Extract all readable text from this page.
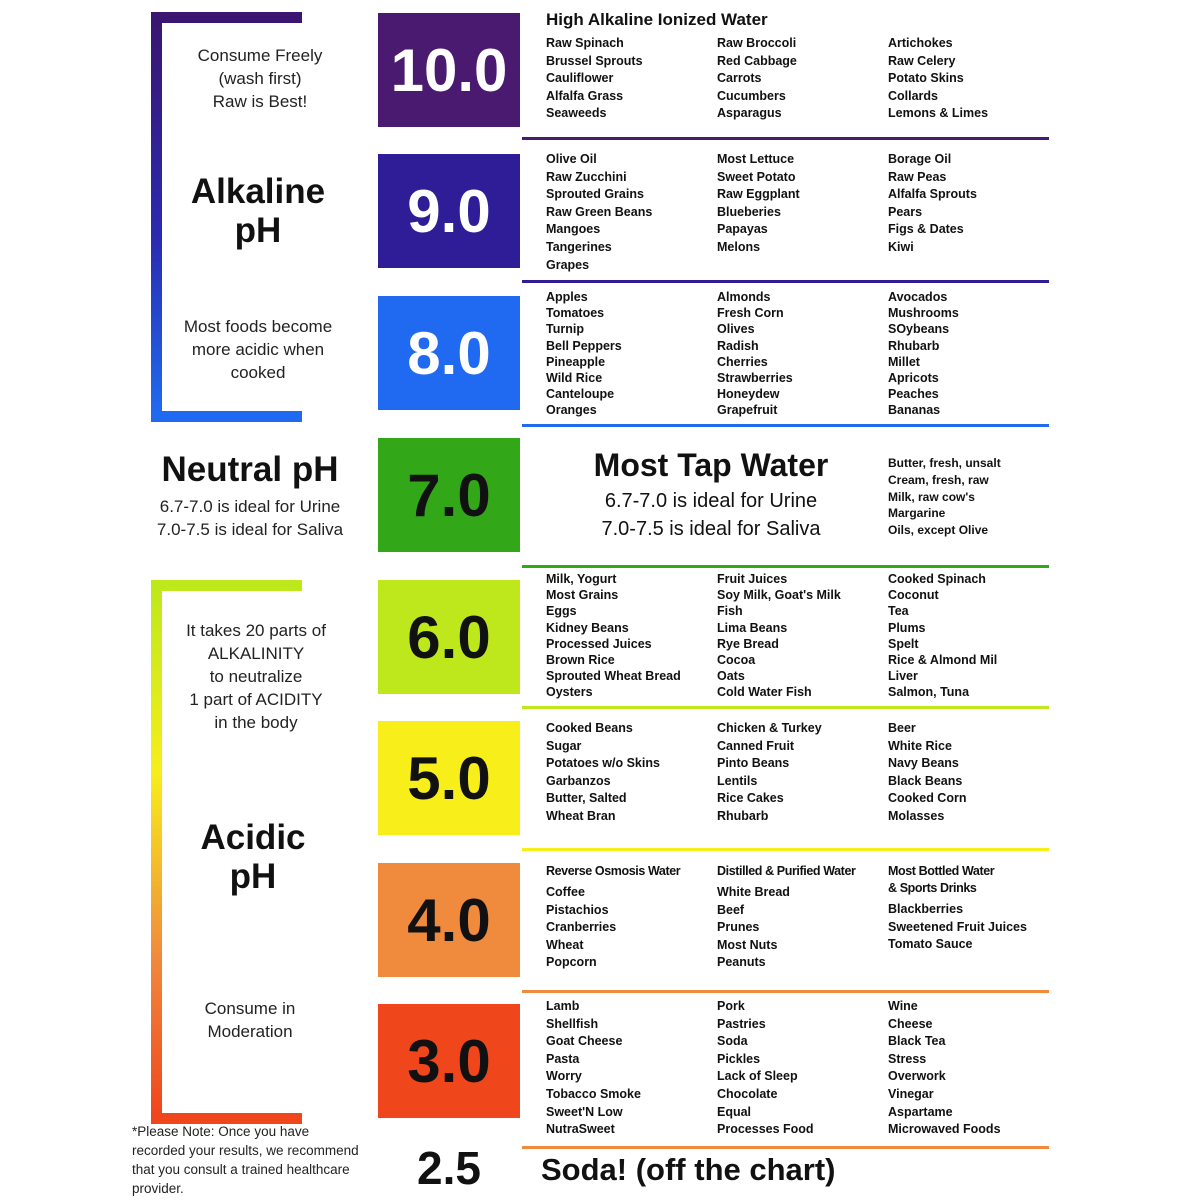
Consume Freely
(wash first)
Raw is Best!
Alkaline
pH
Most foods become
more acidic when
cooked
Neutral pH
6.7-7.0 is ideal for Urine
7.0-7.5 is ideal for Saliva
It takes 20 parts of
ALKALINITY
to neutralize
1 part of ACIDITY
in the body
Acidic
pH
Consume in
Moderation
*Please Note: Once you have
recorded your results, we recommend
that you consult a trained healthcare
provider.
10.0
9.0
8.0
7.0
6.0
5.0
4.0
3.0
2.5
High Alkaline Ionized Water
Raw Spinach
Brussel Sprouts
Cauliflower
Alfalfa Grass
Seaweeds
Raw Broccoli
Red Cabbage
Carrots
Cucumbers
Asparagus
Artichokes
Raw Celery
Potato Skins
Collards
Lemons & Limes
Olive Oil
Raw Zucchini
Sprouted Grains
Raw Green Beans
Mangoes
Tangerines
Grapes
Most Lettuce
Sweet Potato
Raw Eggplant
Blueberies
Papayas
Melons
Borage Oil
Raw Peas
Alfalfa Sprouts
Pears
Figs & Dates
Kiwi
Apples
Tomatoes
Turnip
Bell Peppers
Pineapple
Wild Rice
Canteloupe
Oranges
Almonds
Fresh Corn
Olives
Radish
Cherries
Strawberries
Honeydew
Grapefruit
Avocados
Mushrooms
SOybeans
Rhubarb
Millet
Apricots
Peaches
Bananas
Most Tap Water
6.7-7.0 is ideal for Urine
7.0-7.5 is ideal for Saliva
Butter, fresh, unsalt
Cream, fresh, raw
Milk, raw cow's
Margarine
Oils, except Olive
Milk, Yogurt
Most Grains
Eggs
Kidney Beans
Processed Juices
Brown Rice
Sprouted Wheat Bread
Oysters
Fruit Juices
Soy Milk, Goat's Milk
Fish
Lima Beans
Rye Bread
Cocoa
Oats
Cold Water Fish
Cooked Spinach
Coconut
Tea
Plums
Spelt
Rice & Almond Mil
Liver
Salmon, Tuna
Cooked Beans
Sugar
Potatoes w/o Skins
Garbanzos
Butter, Salted
Wheat Bran
Chicken & Turkey
Canned Fruit
Pinto Beans
Lentils
Rice Cakes
Rhubarb
Beer
White Rice
Navy Beans
Black Beans
Cooked Corn
Molasses
Reverse Osmosis Water
Coffee
Pistachios
Cranberries
Wheat
Popcorn
Distilled & Purified Water
White Bread
Beef
Prunes
Most Nuts
Peanuts
Most Bottled Water
& Sports Drinks
Blackberries
Sweetened Fruit Juices
Tomato Sauce
Lamb
Shellfish
Goat Cheese
Pasta
Worry
Tobacco Smoke
Sweet'N Low
NutraSweet
Pork
Pastries
Soda
Pickles
Lack of Sleep
Chocolate
Equal
Processes Food
Wine
Cheese
Black Tea
Stress
Overwork
Vinegar
Aspartame
Microwaved Foods
Soda! (off the chart)
